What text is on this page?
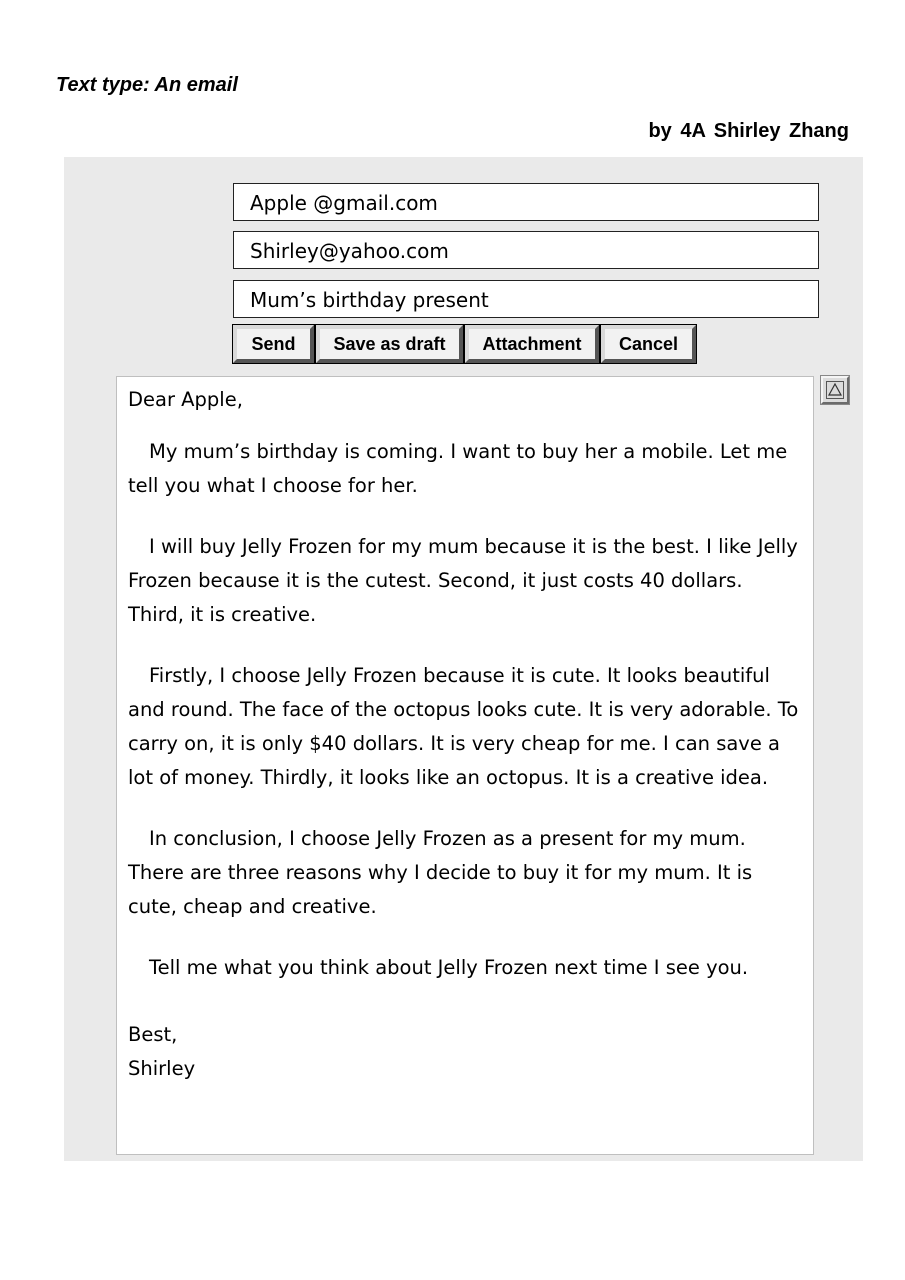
Text type: An email
by 4A Shirley Zhang
Apple @gmail.com
Shirley@yahoo.com
Mum’s birthday present
Send	Save as draft	Attachment	Cancel

Dear Apple,

My mum’s birthday is coming. I want to buy her a mobile. Let me tell you what I choose for her.

I will buy Jelly Frozen for my mum because it is the best. I like Jelly Frozen because it is the cutest. Second, it just costs 40 dollars. Third, it is creative.

Firstly, I choose Jelly Frozen because it is cute. It looks beautiful and round. The face of the octopus looks cute. It is very adorable. To carry on, it is only $40 dollars. It is very cheap for me. I can save a lot of money. Thirdly, it looks like an octopus. It is a creative idea.

In conclusion, I choose Jelly Frozen as a present for my mum. There are three reasons why I decide to buy it for my mum. It is cute, cheap and creative.

Tell me what you think about Jelly Frozen next time I see you.

Best,

Shirley
